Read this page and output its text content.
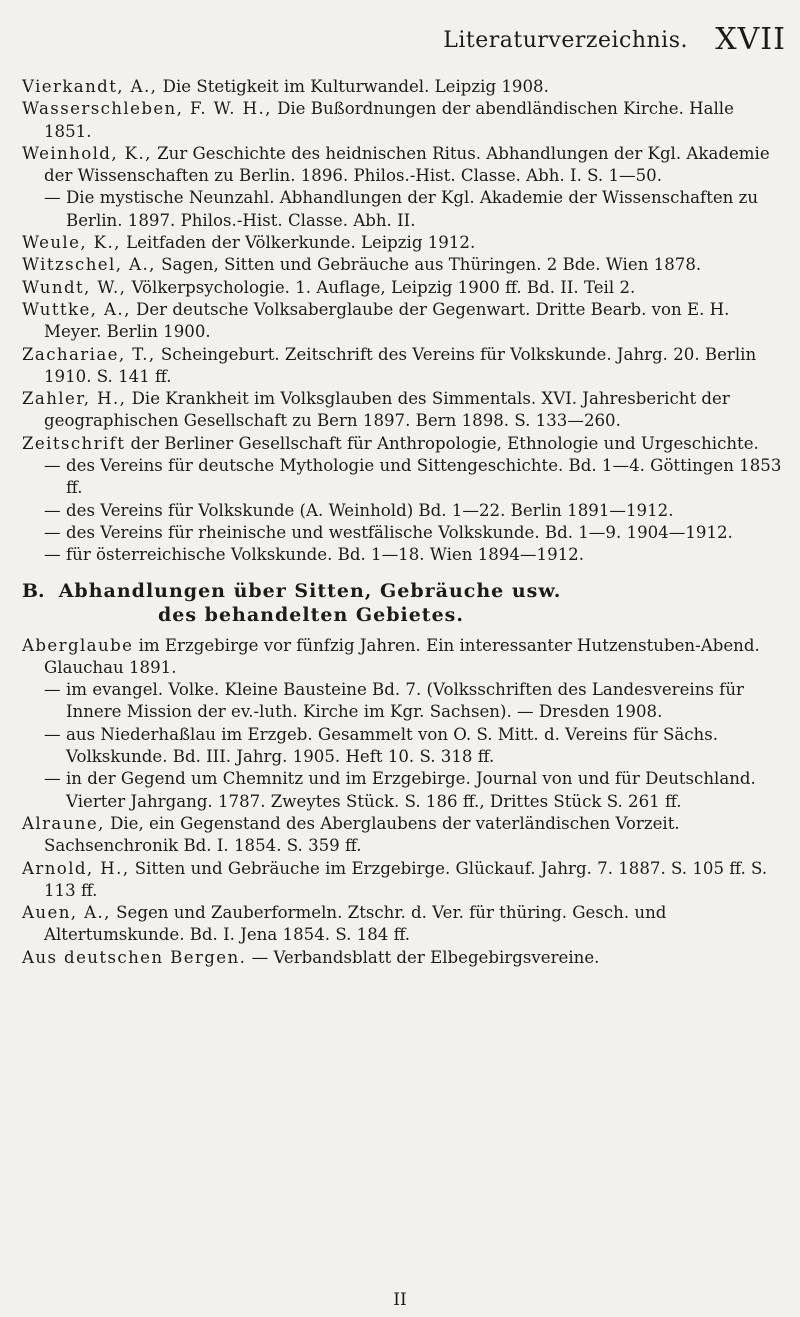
Literaturverzeichnis. XVII

Vierkandt, A., Die Stetigkeit im Kulturwandel. Leipzig 1908.

Wasserschleben, F. W. H., Die Bußordnungen der abendländischen Kirche. Halle 1851.

Weinhold, K., Zur Geschichte des heidnischen Ritus. Abhandlungen der Kgl. Akademie der Wissenschaften zu Berlin. 1896. Philos.-Hist. Classe. Abh. I. S. 1—50.

— Die mystische Neunzahl. Abhandlungen der Kgl. Akademie der Wissenschaften zu Berlin. 1897. Philos.-Hist. Classe. Abh. II.

Weule, K., Leitfaden der Völkerkunde. Leipzig 1912.

Witzschel, A., Sagen, Sitten und Gebräuche aus Thüringen. 2 Bde. Wien 1878.

Wundt, W., Völkerpsychologie. 1. Auflage, Leipzig 1900 ff. Bd. II. Teil 2.

Wuttke, A., Der deutsche Volksaberglaube der Gegenwart. Dritte Bearb. von E. H. Meyer. Berlin 1900.

Zachariae, T., Scheingeburt. Zeitschrift des Vereins für Volkskunde. Jahrg. 20. Berlin 1910. S. 141 ff.

Zahler, H., Die Krankheit im Volksglauben des Simmentals. XVI. Jahresbericht der geographischen Gesellschaft zu Bern 1897. Bern 1898. S. 133—260.

Zeitschrift der Berliner Gesellschaft für Anthropologie, Ethnologie und Urgeschichte.

— des Vereins für deutsche Mythologie und Sittengeschichte. Bd. 1—4. Göttingen 1853 ff.

— des Vereins für Volkskunde (A. Weinhold) Bd. 1—22. Berlin 1891—1912.

— des Vereins für rheinische und westfälische Volkskunde. Bd. 1—9. 1904—1912.

— für österreichische Volkskunde. Bd. 1—18. Wien 1894—1912.

B. Abhandlungen über Sitten, Gebräuche usw.
des behandelten Gebietes.

Aberglaube im Erzgebirge vor fünfzig Jahren. Ein interessanter Hutzenstuben-Abend. Glauchau 1891.

— im evangel. Volke. Kleine Bausteine Bd. 7. (Volksschriften des Landesvereins für Innere Mission der ev.-luth. Kirche im Kgr. Sachsen). — Dresden 1908.

— aus Niederhaßlau im Erzgeb. Gesammelt von O. S. Mitt. d. Vereins für Sächs. Volkskunde. Bd. III. Jahrg. 1905. Heft 10. S. 318 ff.

— in der Gegend um Chemnitz und im Erzgebirge. Journal von und für Deutschland. Vierter Jahrgang. 1787. Zweytes Stück. S. 186 ff., Drittes Stück S. 261 ff.

Alraune, Die, ein Gegenstand des Aberglaubens der vaterländischen Vorzeit. Sachsenchronik Bd. I. 1854. S. 359 ff.

Arnold, H., Sitten und Gebräuche im Erzgebirge. Glückauf. Jahrg. 7. 1887. S. 105 ff. S. 113 ff.

Auen, A., Segen und Zauberformeln. Ztschr. d. Ver. für thüring. Gesch. und Altertumskunde. Bd. I. Jena 1854. S. 184 ff.

Aus deutschen Bergen. — Verbandsblatt der Elbegebirgsvereine.

II
